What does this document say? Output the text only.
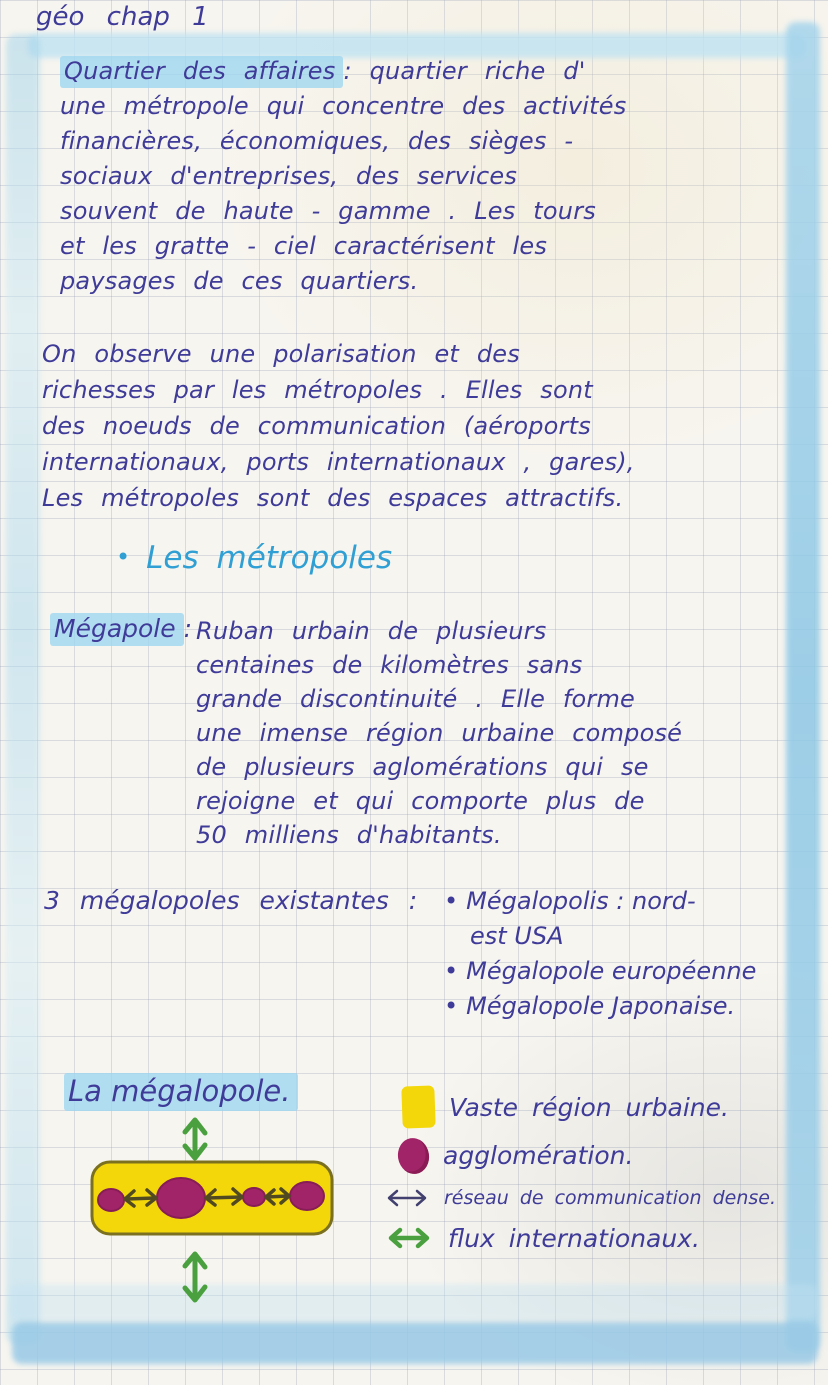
géo chap 1
Quartier des affaires : quartier riche d'
une métropole qui concentre des activités
financières, économiques, des sièges -
sociaux d'entreprises, des services
souvent de haute - gamme . Les tours
et les gratte - ciel caractérisent les
paysages de ces quartiers.
On observe une polarisation et des
richesses par les métropoles . Elles sont
des noeuds de communication (aéroports
internationaux, ports internationaux , gares),
Les métropoles sont des espaces attractifs.
• Les métropoles
Mégapole : Ruban urbain de plusieurs
centaines de kilomètres sans
grande discontinuité . Elle forme
une imense région urbaine composé
de plusieurs aglomérations qui se
rejoigne et qui comporte plus de
50 milliens d'habitants.
3 mégalopoles existantes : • Mégalopolis : nord-
est USA
• Mégalopole européenne
• Mégalopole Japonaise.
La mégalopole.	Vaste région urbaine.
agglomération.
réseau de communication dense.
flux internationaux.
